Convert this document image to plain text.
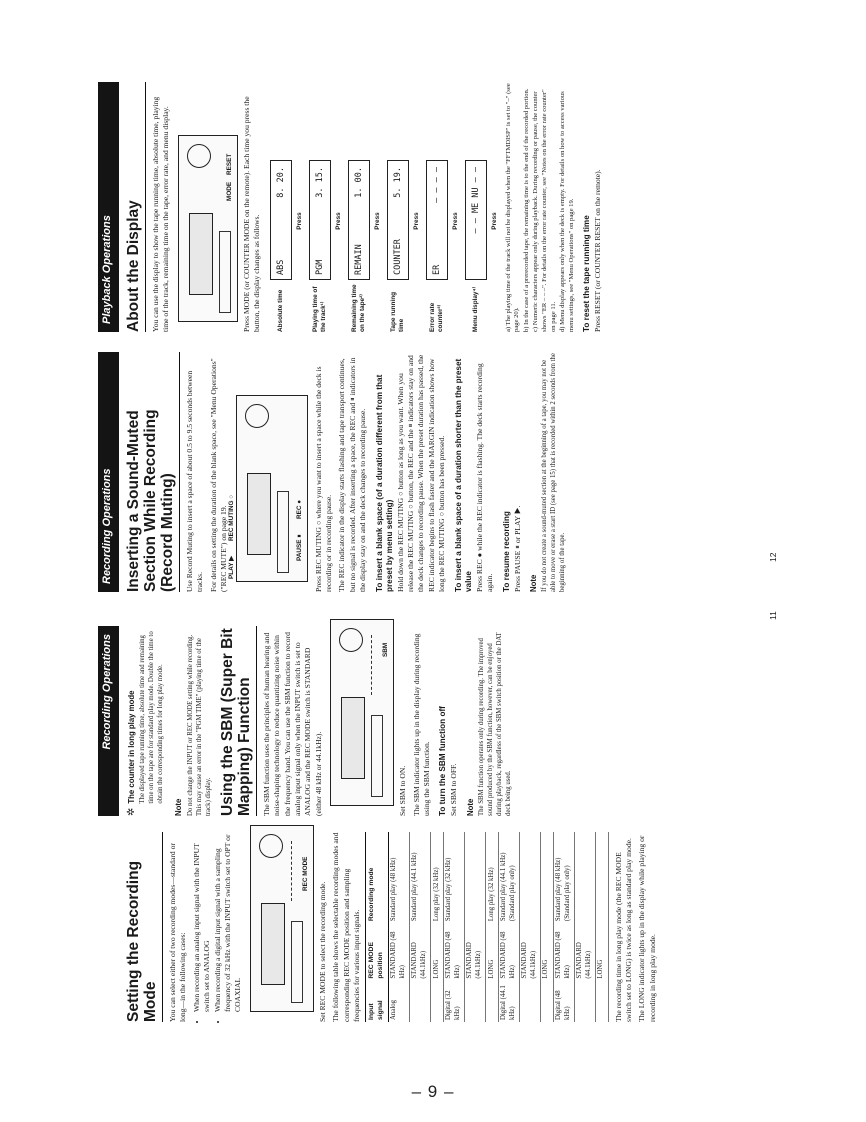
Setting the Recording Mode	You can select either of two recording modes—standard or long—in the following cases: • When recording an analog input signal with the INPUT switch set to ANALOG • When recording a digital input signal with a sampling frequency of 32 kHz with the INPUT switch set to OPT or COAXIAL
REC MODE

Set REC MODE to select the recording mode. The following table shows the selectable recording modes and corresponding REC MODE position and sampling frequencies for various input signals. Input signal	REC MODE position	Recording mode
Analog	STANDARD (48 kHz)	Standard play (48 kHz)
	STANDARD (44.1kHz)	Standard play (44.1 kHz)
	LONG	Long play (32 kHz)
Digital (32 kHz)	STANDARD (48 kHz)	Standard play (32 kHz)
	STANDARD (44.1kHz)	
	LONG	Long play (32 kHz)
Digital (44.1 kHz)	STANDARD (48 kHz)	Standard play (44.1 kHz) (Standard play only)
	STANDARD (44.1kHz)	
	LONG	
Digital (48 kHz)	STANDARD (48 kHz)	Standard play (48 kHz) (Standard play only)
	STANDARD (44.1kHz)	
	LONG	The recording time in long play mode (the REC MODE switch set to LONG) is twice as long as standard play mode. The LONG indicator lights up in the display while playing or recording in long play mode.

Recording Operations
✲
The counter in long play mode The displayed tape running time, absolute time and remaining time on the tape are for standard play mode. Double the time to obtain the corresponding times for long play mode.

Note Do not change the INPUT or REC MODE setting while recording. This may cause an error in the "PGM TIME" (playing time of the track) display. Using the SBM (Super Bit Mapping) Function	The SBM function uses the principles of human hearing and noise-shaping technology to reduce quantizing noise within the frequency band. You can use the SBM function to record analog input signal only when the INPUT switch is set to ANALOG and the REC MODE switch is STANDARD (either 48 kHz or 44.1kHz).

SBM

Set SBM to ON. The SBM indicator lights up in the display during recording using the SBM function. To turn the SBM function off Set SBM to OFF. Note The SBM function operates only during recording. The improved sound produced by the SBM function, however, can be enjoyed during playback, regardless of the SBM switch position or the DAT deck being used.

11
Recording Operations Inserting a Sound-Muted Section While Recording (Record Muting)	Use Record Muting to insert a space of about 0.5 to 9.5 seconds between tracks. For details on setting the duration of the blank space, see "Menu Operations" ("REC MUTE") on page 19. PLAY ▶
REC MUTING ○
PAUSE ⏸
REC ●	Press REC MUTING ○ where you want to insert a space while the deck is recording or in recording pause. The REC indicator in the display starts flashing and tape transport continues, but no signal is recorded. After inserting a space, the REC and ⏸ indicators in the display stay on and the deck changes to recording pause. To insert a blank space (of a duration different from that preset by menu setting) Hold down the REC MUTING ○ button as long as you want. When you release the REC MUTING ○ button, the REC and the ⏸ indicators stay on and the deck changes to recording pause. When the preset duration has passed, the REC indicator begins to flash faster and the MARGIN indication shows how long the REC MUTING ○ button has been pressed. To insert a blank space of a duration shorter than the preset value Press REC ● while the REC indicator is flashing. The deck starts recording again. To resume recording Press PAUSE ⏸ or PLAY ▶. Note If you do not create a sound-muted section at the beginning of a tape, you may not be able to move or erase a start ID (see page 15) that is recorded within 2 seconds from the beginning of the tape.	12
Playback Operations About the Display	You can use the display to show the tape running time, absolute time, playing time of the track, remaining time on the tape, error rate, and menu display.	MODE
RESET	Press MODE (or COUNTER MODE on the remote). Each time you press the button, the display changes as follows. Absolute time
ABS
8. 20.
Press
Playing time of the track¹⁾
PGM
3. 15.
Press
Remaining time on the tape²⁾
REMAIN
1. 00.
Press
Tape running time
COUNTER
5. 19.
Press
Error rate counter³⁾
ER
– – – –
Press
Menu display⁴⁾
– – ME NU – – Press	a) The playing time of the track will not be displayed when the "FFTMDISP" is set to "–" (see page 20). b) In the case of a prerecorded tape, the remaining time is to the end of the recorded portion. c) Numeric characters appear only during playback. During recording or pause, the counter shows "ER – – –". For details on the error rate counter, see "Notes on the error rate counter" on page 11. d) Menu display appears only when the deck is empty. For details on how to access various menu settings, see "Menu Operations" on page 19. To reset the tape running time Press RESET (or COUNTER RESET on the remote).

– 9 –
